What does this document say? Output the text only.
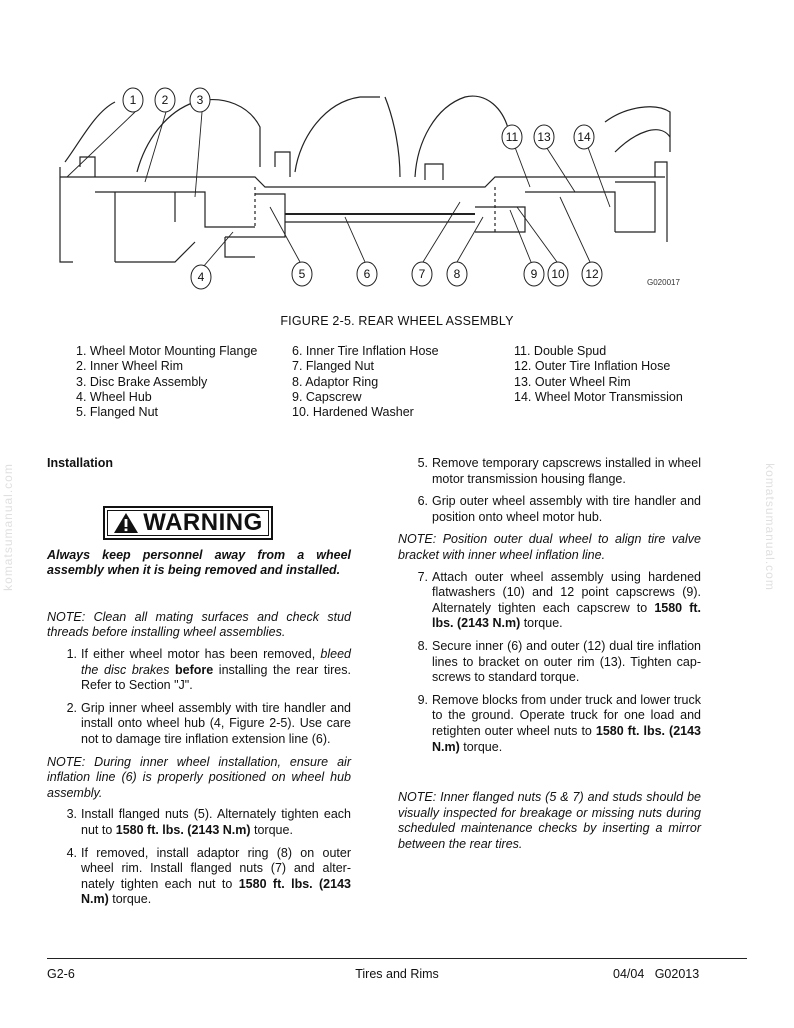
1 2 3
4	5	6	7 8	9 10 12
11 13 14
G020017
FIGURE 2-5. REAR WHEEL ASSEMBLY
1. Wheel Motor Mounting Flange
2. Inner Wheel Rim
3. Disc Brake Assembly
4. Wheel Hub
5. Flanged Nut
6. Inner Tire Inflation Hose
7. Flanged Nut
8. Adaptor Ring
9. Capscrew
10. Hardened Washer
11. Double Spud
12. Outer Tire Inflation Hose
13. Outer Wheel Rim
14. Wheel Motor Transmission
komatsumanual.com	komatsumanual.com
Installation
WARNING
Always keep personnel away from a wheel assembly when it is being removed and installed.
NOTE: Clean all mating surfaces and check stud threads before installing wheel assemblies.
1. If either wheel motor has been removed, bleed the disc brakes before installing the rear tires. Refer to Section "J".
2. Grip inner wheel assembly with tire handler and install onto wheel hub (4, Figure 2-5). Use care not to damage tire inflation extension line (6).
NOTE: During inner wheel installation, ensure air inflation line (6) is properly positioned on wheel hub assembly.
3. Install flanged nuts (5). Alternately tighten each nut to 1580 ft. lbs. (2143 N.m) torque.
4. If removed, install adaptor ring (8) on outer wheel rim. Install flanged nuts (7) and alter- nately tighten each nut to 1580 ft. lbs. (2143 N.m) torque.
5. Remove temporary capscrews installed in wheel motor transmission housing flange.
6. Grip outer wheel assembly with tire handler and position onto wheel motor hub.
NOTE: Position outer dual wheel to align tire valve bracket with inner wheel inflation line.
7. Attach outer wheel assembly using hardened flatwashers (10) and 12 point capscrews (9). Alternately tighten each capscrew to 1580 ft. lbs. (2143 N.m) torque.
8. Secure inner (6) and outer (12) dual tire inflation lines to bracket on outer rim (13). Tighten cap- screws to standard torque.
9. Remove blocks from under truck and lower truck to the ground. Operate truck for one load and retighten outer wheel nuts to 1580 ft. lbs. (2143 N.m) torque.
NOTE: Inner flanged nuts (5 & 7) and studs should be visually inspected for breakage or missing nuts during scheduled maintenance checks by inserting a mirror between the rear tires.
G2-6	Tires and Rims	04/04 G02013
